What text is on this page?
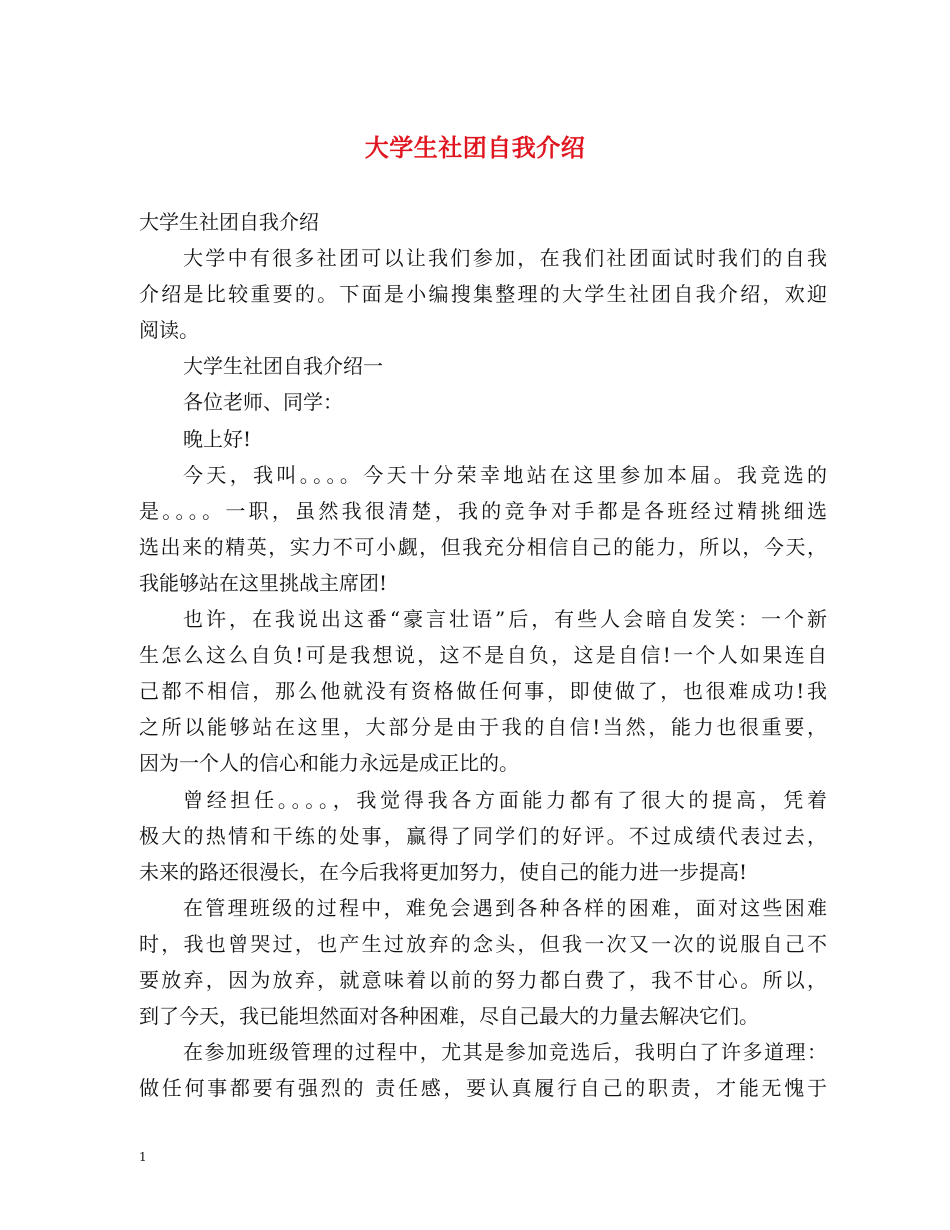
大学生社团自我介绍
大学生社团自我介绍
大学中有很多社团可以让我们参加，在我们社团面试时我们的自我
介绍是比较重要的。下面是小编搜集整理的大学生社团自我介绍，欢迎
阅读。
大学生社团自我介绍一
各位老师、同学：
晚上好!
今天，我叫。。。。今天十分荣幸地站在这里参加本届。我竞选的
是。。。。一职，虽然我很清楚，我的竞争对手都是各班经过精挑细选
选出来的精英，实力不可小觑，但我充分相信自己的能力，所以，今天，
我能够站在这里挑战主席团!
也许，在我说出这番“豪言壮语”后，有些人会暗自发笑：一个新
生怎么这么自负!可是我想说，这不是自负，这是自信!一个人如果连自
己都不相信，那么他就没有资格做任何事，即使做了，也很难成功!我
之所以能够站在这里，大部分是由于我的自信!当然，能力也很重要，
因为一个人的信心和能力永远是成正比的。
曾经担任。。。。，我觉得我各方面能力都有了很大的提高，凭着
极大的热情和干练的处事，赢得了同学们的好评。不过成绩代表过去，
未来的路还很漫长，在今后我将更加努力，使自己的能力进一步提高!
在管理班级的过程中，难免会遇到各种各样的困难，面对这些困难
时，我也曾哭过，也产生过放弃的念头，但我一次又一次的说服自己不
要放弃，因为放弃，就意味着以前的努力都白费了，我不甘心。所以，
到了今天，我已能坦然面对各种困难，尽自己最大的力量去解决它们。
在参加班级管理的过程中，尤其是参加竞选后，我明白了许多道理：
做任何事都要有强烈的 责任感，要认真履行自己的职责，才能无愧于
1
